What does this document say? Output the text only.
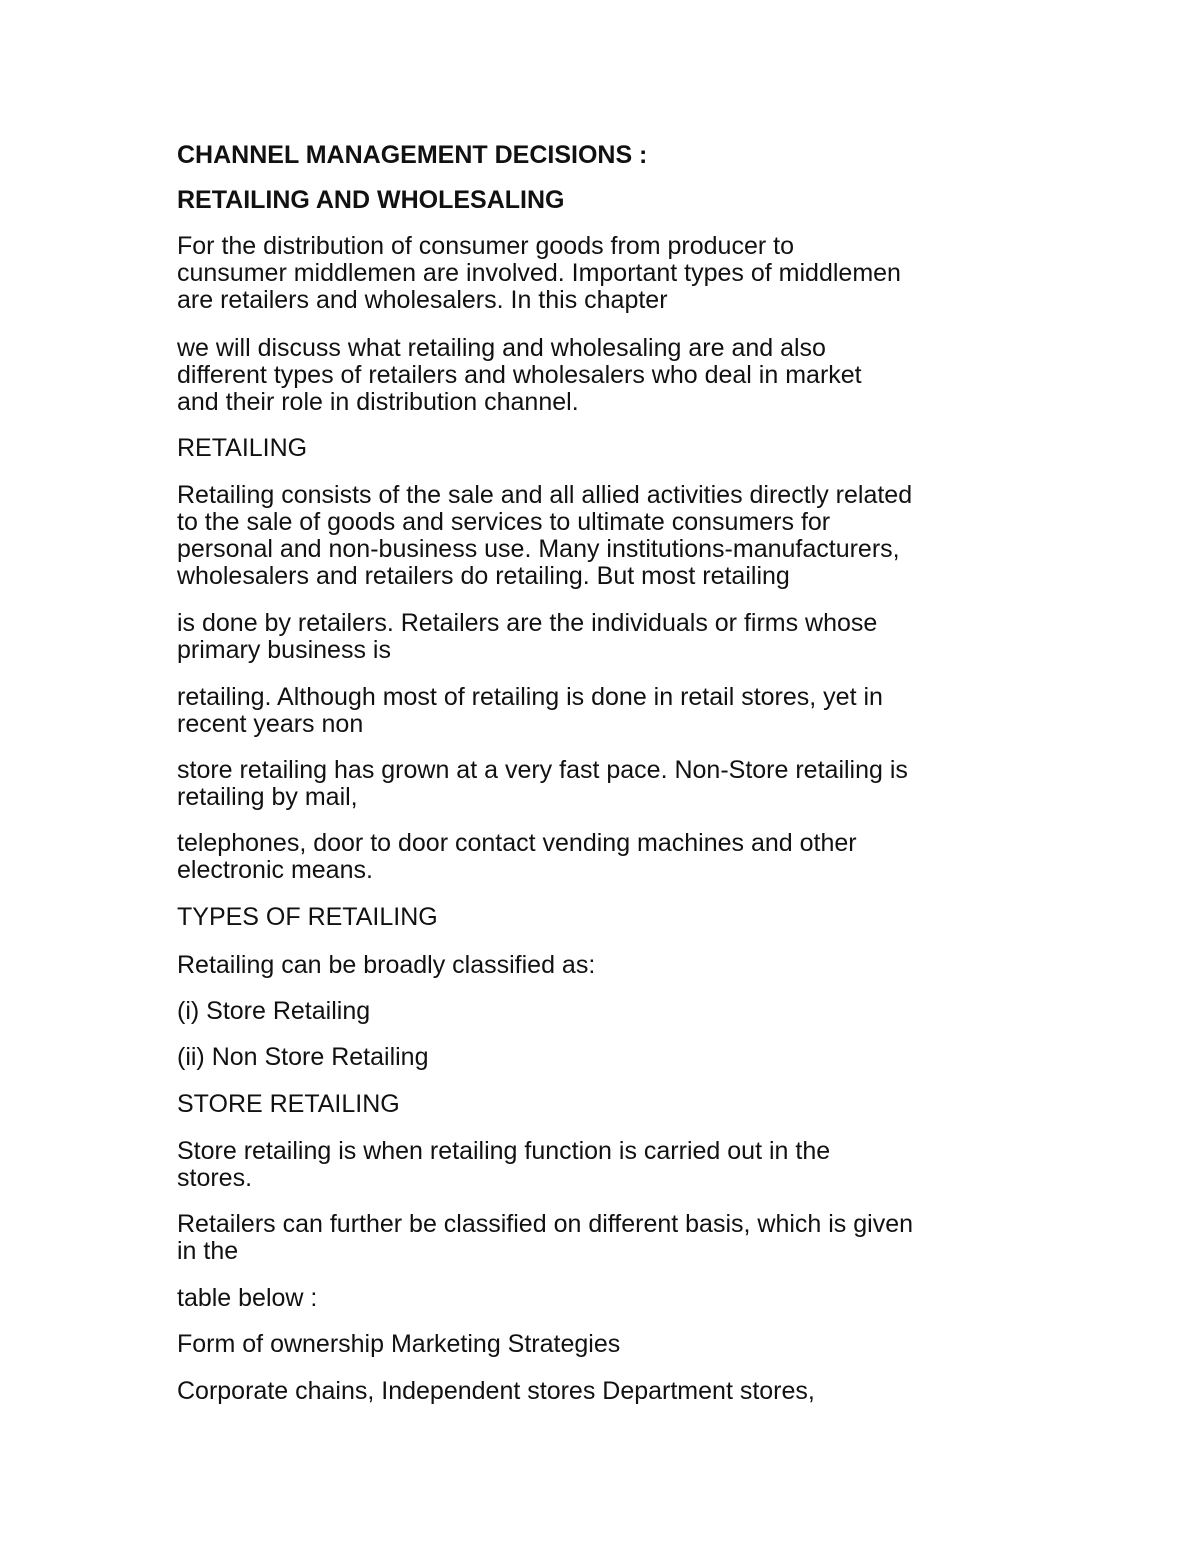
CHANNEL MANAGEMENT DECISIONS :

RETAILING AND WHOLESALING

For the distribution of consumer goods from producer to
cunsumer middlemen are involved. Important types of middlemen
are retailers and wholesalers. In this chapter
we will discuss what retailing and wholesaling are and also
different types of retailers and wholesalers who deal in market
and their role in distribution channel.

RETAILING

Retailing consists of the sale and all allied activities directly related
to the sale of goods and services to ultimate consumers for
personal and non-business use. Many institutions-manufacturers,
wholesalers and retailers do retailing. But most retailing
is done by retailers. Retailers are the individuals or firms whose
primary business is
retailing. Although most of retailing is done in retail stores, yet in
recent years non
store retailing has grown at a very fast pace. Non-Store retailing is
retailing by mail,
telephones, door to door contact vending machines and other
electronic means.

TYPES OF RETAILING

Retailing can be broadly classified as:

(i) Store Retailing

(ii) Non Store Retailing

STORE RETAILING

Store retailing is when retailing function is carried out in the
stores.
Retailers can further be classified on different basis, which is given
in the

table below :

Form of ownership Marketing Strategies

Corporate chains, Independent stores Department stores,
